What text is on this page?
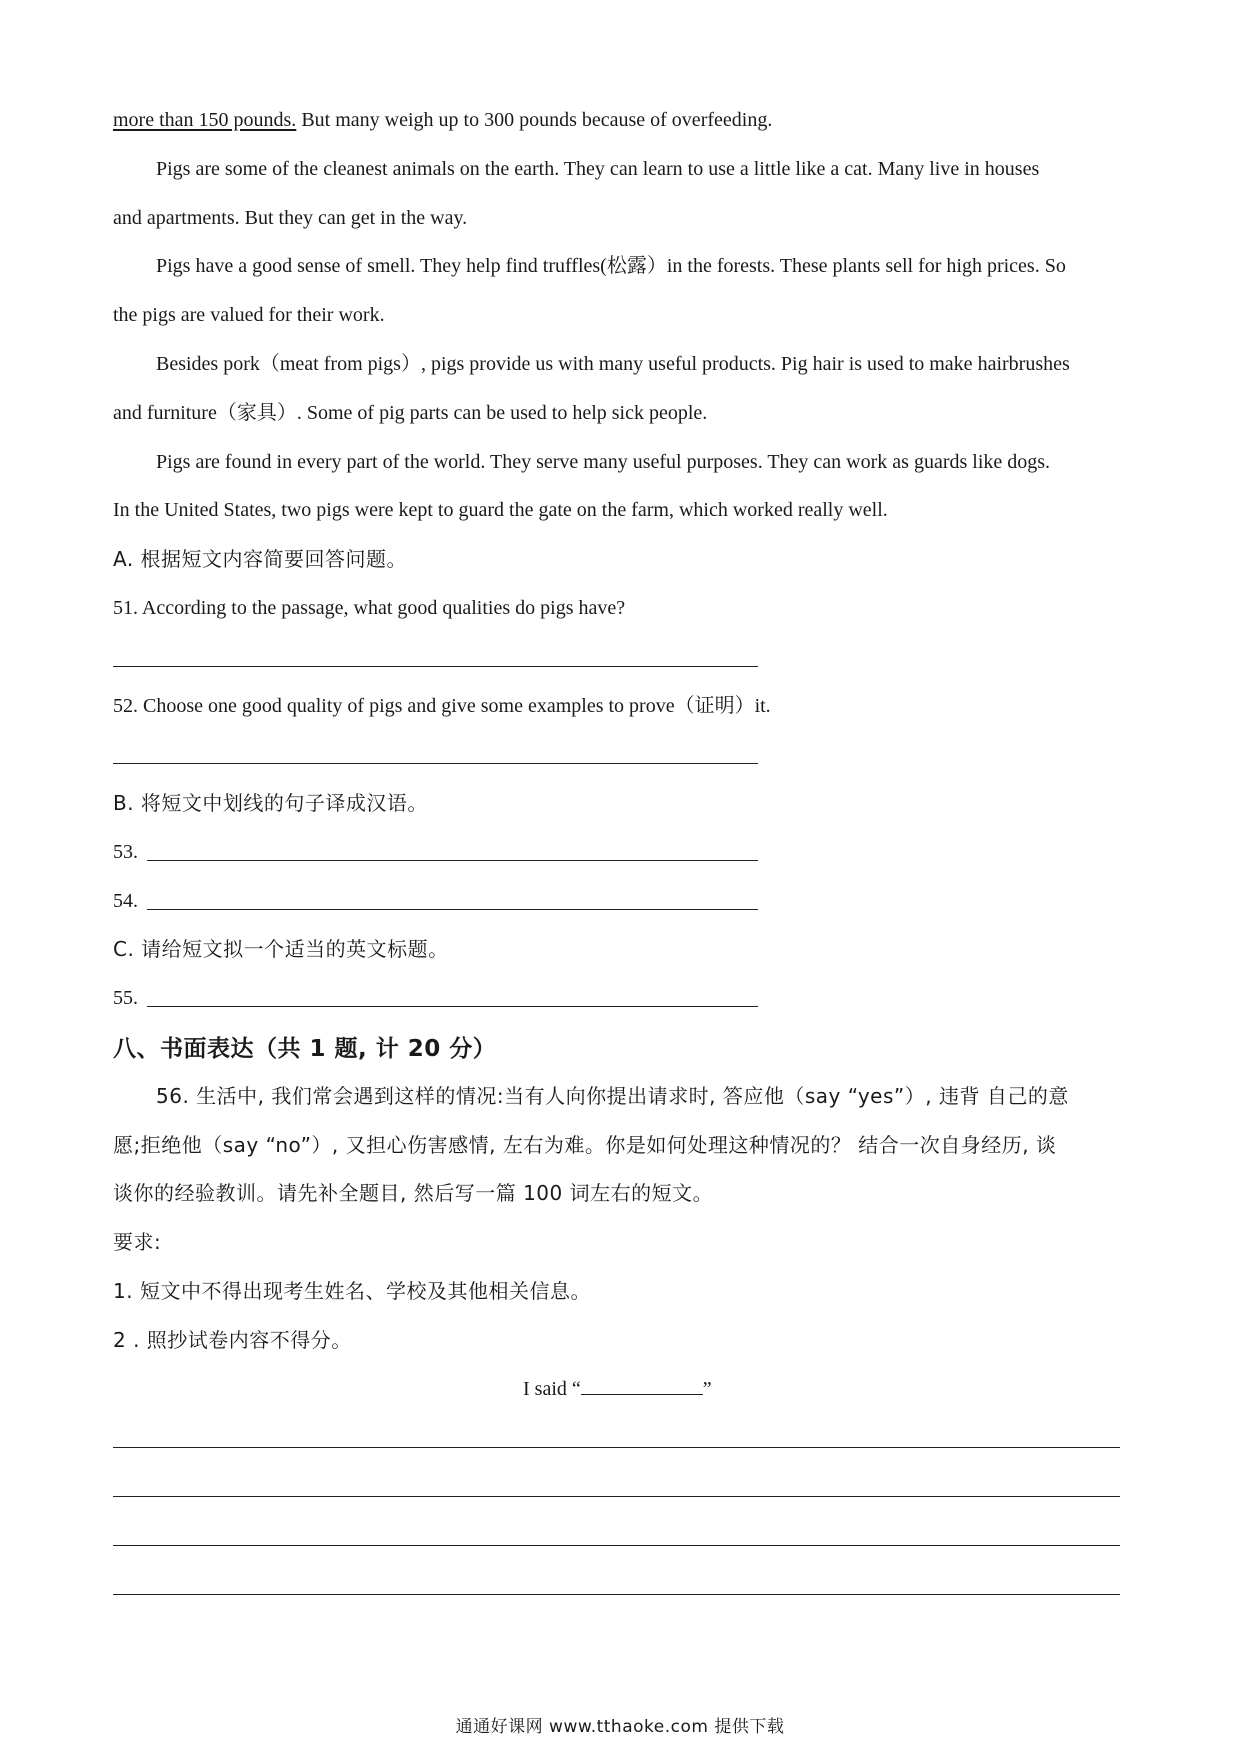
more than 150 pounds. But many weigh up to 300 pounds because of overfeeding.
Pigs are some of the cleanest animals on the earth. They can learn to use a little like a cat. Many live in houses
and apartments. But they can get in the way.
Pigs have a good sense of smell. They help find truffles(松露）in the forests. These plants sell for high prices. So
the pigs are valued for their work.
Besides pork（meat from pigs）, pigs provide us with many useful products. Pig hair is used to make hairbrushes
and furniture（家具）. Some of pig parts can be used to help sick people.
Pigs are found in every part of the world. They serve many useful purposes. They can work as guards like dogs.
In the United States, two pigs were kept to guard the gate on the farm, which worked really well.
A. 根据短文内容简要回答问题。
51. According to the passage, what good qualities do pigs have?
52. Choose one good quality of pigs and give some examples to prove（证明）it.
B. 将短文中划线的句子译成汉语。
53.
54.
C. 请给短文拟一个适当的英文标题。
55.
八、书面表达（共 1 题, 计 20 分）
56. 生活中, 我们常会遇到这样的情况:当有人向你提出请求时, 答应他（say “yes”）, 违背 自己的意
愿;拒绝他（say “no”）, 又担心伤害感情, 左右为难。你是如何处理这种情况的？ 结合一次自身经历, 谈
谈你的经验教训。请先补全题目, 然后写一篇 100 词左右的短文。
要求:
1. 短文中不得出现考生姓名、学校及其他相关信息。
2 . 照抄试卷内容不得分。
I said “	”
通通好课网 www.tthaoke.com 提供下载
